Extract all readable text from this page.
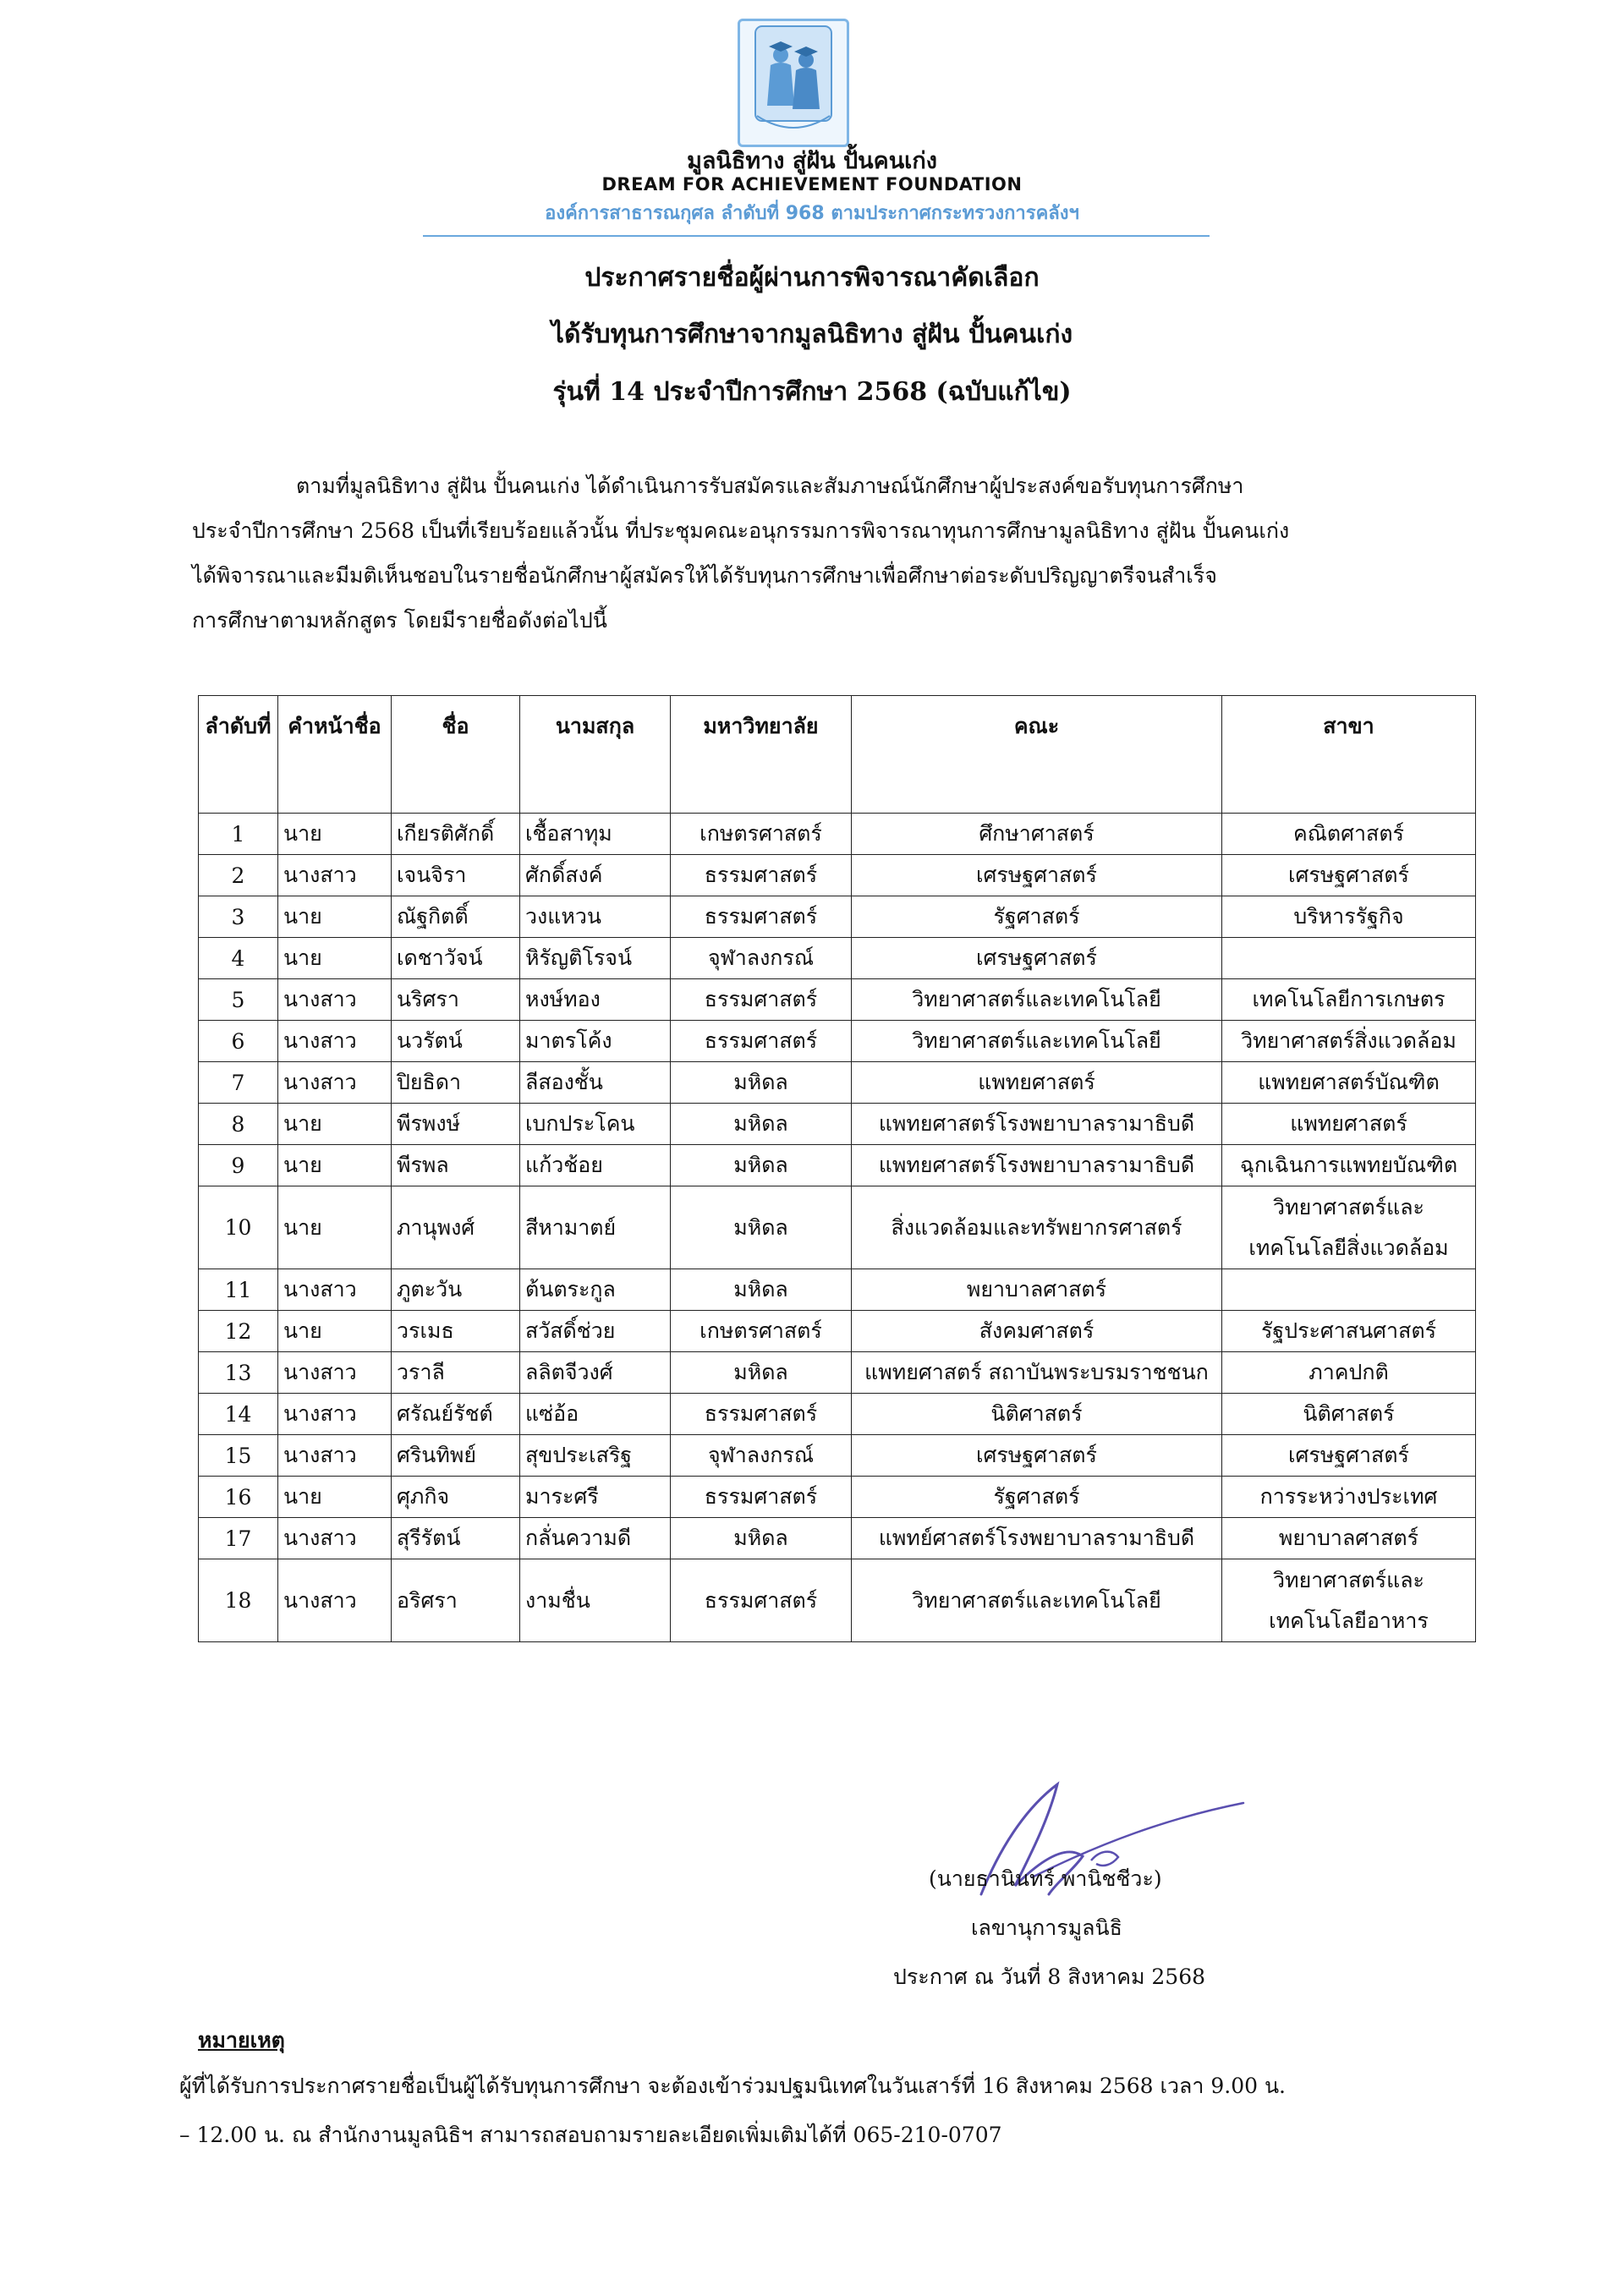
มูลนิธิทาง สู่ฝัน ปั้นคนเก่ง
DREAM FOR ACHIEVEMENT FOUNDATION
องค์การสาธารณกุศล ลำดับที่ 968 ตามประกาศกระทรวงการคลังฯ
ประกาศรายชื่อผู้ผ่านการพิจารณาคัดเลือก
ได้รับทุนการศึกษาจากมูลนิธิทาง สู่ฝัน ปั้นคนเก่ง
รุ่นที่ 14 ประจำปีการศึกษา 2568 (ฉบับแก้ไข)

ตามที่มูลนิธิทาง สู่ฝัน ปั้นคนเก่ง ได้ดำเนินการรับสมัครและสัมภาษณ์นักศึกษาผู้ประสงค์ขอรับทุนการศึกษา

ประจำปีการศึกษา 2568 เป็นที่เรียบร้อยแล้วนั้น ที่ประชุมคณะอนุกรรมการพิจารณาทุนการศึกษามูลนิธิทาง สู่ฝัน ปั้นคนเก่ง

ได้พิจารณาและมีมติเห็นชอบในรายชื่อนักศึกษาผู้สมัครให้ได้รับทุนการศึกษาเพื่อศึกษาต่อระดับปริญญาตรีจนสำเร็จ

การศึกษาตามหลักสูตร โดยมีรายชื่อดังต่อไปนี้

ลำดับที่	คำหน้าชื่อ	ชื่อ	นามสกุล	มหาวิทยาลัย	คณะ	สาขา
1	นาย	เกียรติศักดิ์	เชื้อสาทุม	เกษตรศาสตร์	ศึกษาศาสตร์	คณิตศาสตร์
2	นางสาว	เจนจิรา	ศักดิ์สงค์	ธรรมศาสตร์	เศรษฐศาสตร์	เศรษฐศาสตร์
3	นาย	ณัฐกิตติ์	วงแหวน	ธรรมศาสตร์	รัฐศาสตร์	บริหารรัฐกิจ
4	นาย	เดชาวัจน์	หิรัญติโรจน์	จุฬาลงกรณ์	เศรษฐศาสตร์	
5	นางสาว	นริศรา	หงษ์ทอง	ธรรมศาสตร์	วิทยาศาสตร์และเทคโนโลยี	เทคโนโลยีการเกษตร
6	นางสาว	นวรัตน์	มาตรโค้ง	ธรรมศาสตร์	วิทยาศาสตร์และเทคโนโลยี	วิทยาศาสตร์สิ่งแวดล้อม
7	นางสาว	ปิยธิดา	ลีสองชั้น	มหิดล	แพทยศาสตร์	แพทยศาสตร์บัณฑิต
8	นาย	พีรพงษ์	เบกประโคน	มหิดล	แพทยศาสตร์โรงพยาบาลรามาธิบดี	แพทยศาสตร์
9	นาย	พีรพล	แก้วช้อย	มหิดล	แพทยศาสตร์โรงพยาบาลรามาธิบดี	ฉุกเฉินการแพทยบัณฑิต
10	นาย	ภานุพงศ์	สีหามาตย์	มหิดล	สิ่งแวดล้อมและทรัพยากรศาสตร์	วิทยาศาสตร์และ
เทคโนโลยีสิ่งแวดล้อม

11	นางสาว	ภูตะวัน	ต้นตระกูล	มหิดล	พยาบาลศาสตร์	
12	นาย	วรเมธ	สวัสดิ์ช่วย	เกษตรศาสตร์	สังคมศาสตร์	รัฐประศาสนศาสตร์
13	นางสาว	วราลี	ลลิตจีวงศ์	มหิดล	แพทยศาสตร์ สถาบันพระบรมราชชนก	ภาคปกติ
14	นางสาว	ศรัณย์รัชต์	แซ่อ้อ	ธรรมศาสตร์	นิติศาสตร์	นิติศาสตร์
15	นางสาว	ศรินทิพย์	สุขประเสริฐ	จุฬาลงกรณ์	เศรษฐศาสตร์	เศรษฐศาสตร์
16	นาย	ศุภกิจ	มาระศรี	ธรรมศาสตร์	รัฐศาสตร์	การระหว่างประเทศ
17	นางสาว	สุรีรัตน์	กลั่นความดี	มหิดล	แพทย์ศาสตร์โรงพยาบาลรามาธิบดี	พยาบาลศาสตร์
18	นางสาว	อริศรา	งามชื่น	ธรรมศาสตร์	วิทยาศาสตร์และเทคโนโลยี	วิทยาศาสตร์และ
เทคโนโลยีอาหาร
(นายธานินทร์ พานิชชีวะ)
เลขานุการมูลนิธิ
ประกาศ ณ วันที่ 8 สิงหาคม 2568
หมายเหตุ
ผู้ที่ได้รับการประกาศรายชื่อเป็นผู้ได้รับทุนการศึกษา จะต้องเข้าร่วมปฐมนิเทศในวันเสาร์ที่ 16 สิงหาคม 2568 เวลา 9.00 น.
– 12.00 น. ณ สำนักงานมูลนิธิฯ สามารถสอบถามรายละเอียดเพิ่มเติมได้ที่ 065-210-0707
